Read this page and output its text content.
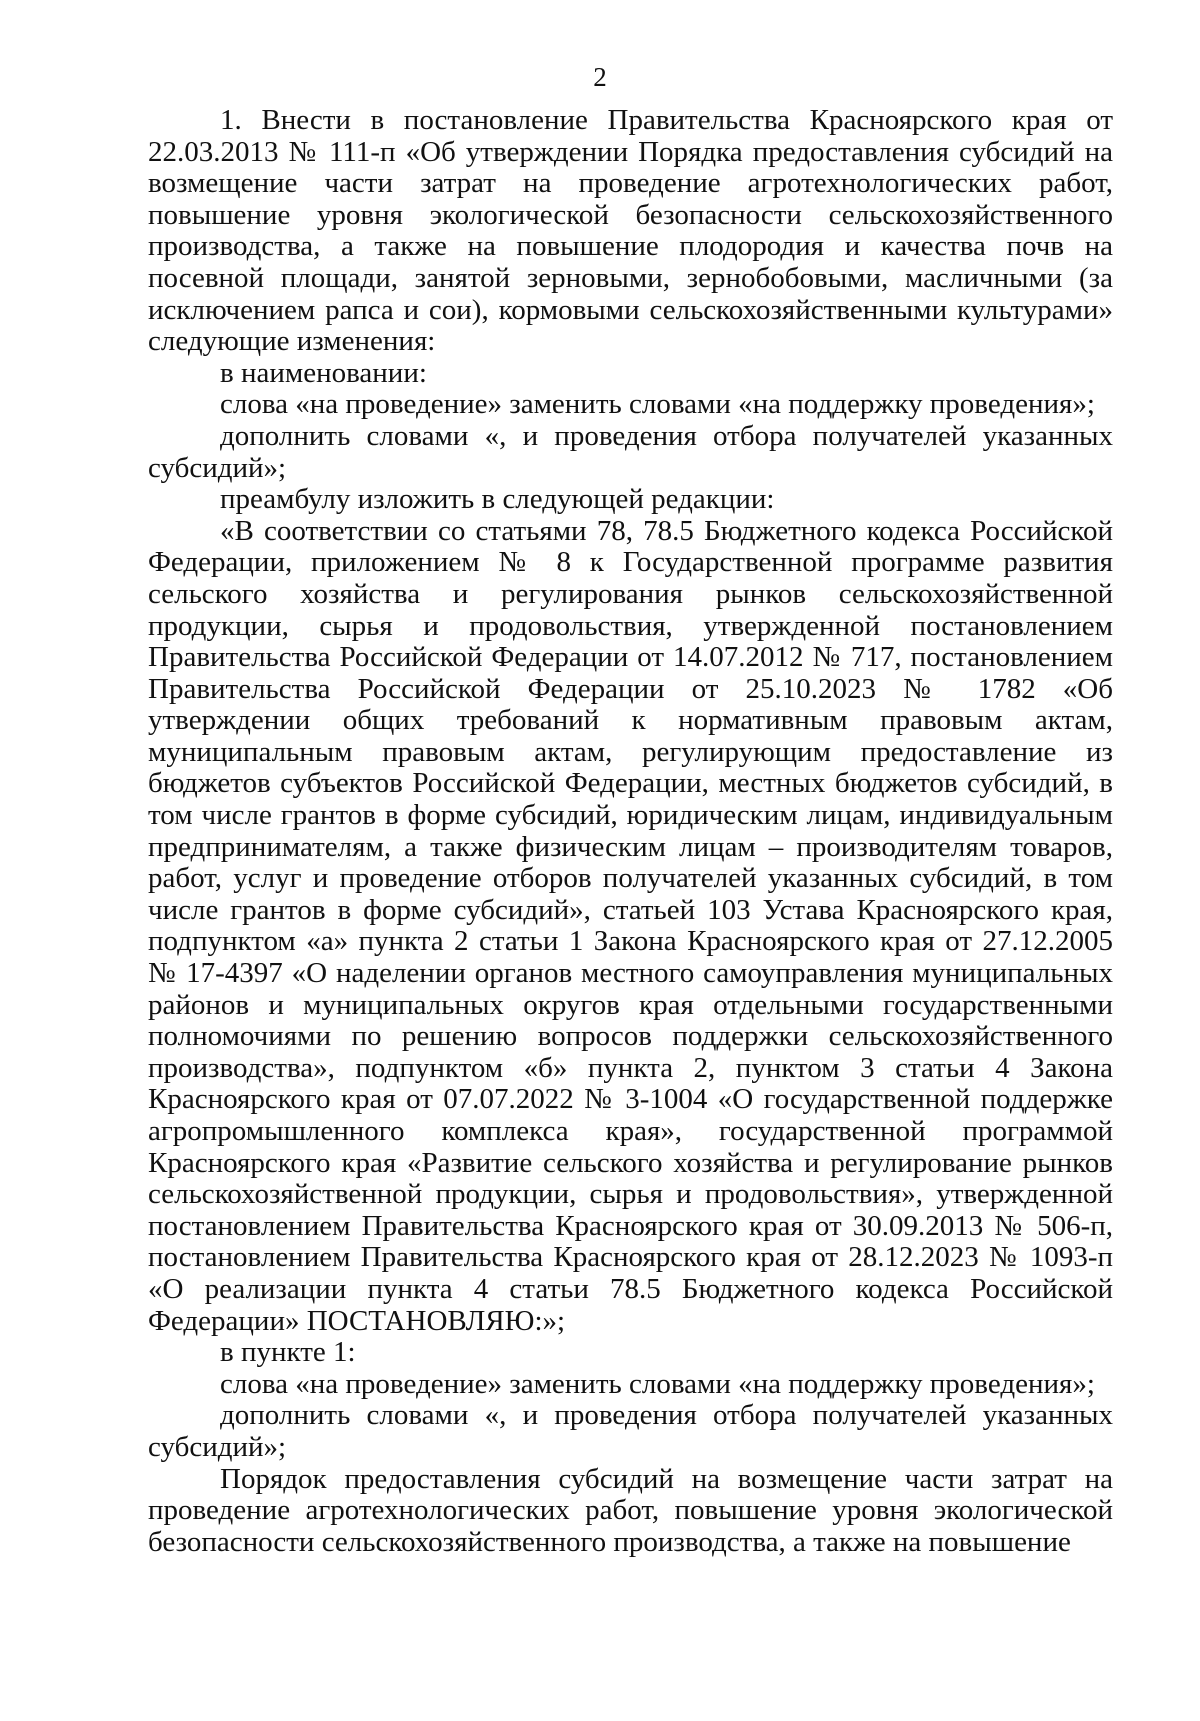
2

1. Внести в постановление Правительства Красноярского края от 22.03.2013 № 111-п «Об утверждении Порядка предоставления субсидий на возмещение части затрат на проведение агротехнологических работ, повышение уровня экологической безопасности сельскохозяйственного производства, а также на повышение плодородия и качества почв на посевной площади, занятой зерновыми, зернобобовыми, масличными (за исключением рапса и сои), кормовыми сельскохозяйственными культурами» следующие изменения:

в наименовании:

слова «на проведение» заменить словами «на поддержку проведения»;

дополнить словами «, и проведения отбора получателей указанных субсидий»;

преамбулу изложить в следующей редакции:

«В соответствии со статьями 78, 78.5 Бюджетного кодекса Российской Федерации, приложением № 8 к Государственной программе развития сельского хозяйства и регулирования рынков сельскохозяйственной продукции, сырья и продовольствия, утвержденной постановлением Правительства Российской Федерации от 14.07.2012 № 717, постановлением Правительства Российской Федерации от 25.10.2023 № 1782 «Об утверждении общих требований к нормативным правовым актам, муниципальным правовым актам, регулирующим предоставление из бюджетов субъектов Российской Федерации, местных бюджетов субсидий, в том числе грантов в форме субсидий, юридическим лицам, индивидуальным предпринимателям, а также физическим лицам – производителям товаров, работ, услуг и проведение отборов получателей указанных субсидий, в том числе грантов в форме субсидий», статьей 103 Устава Красноярского края, подпунктом «а» пункта 2 статьи 1 Закона Красноярского края от 27.12.2005 № 17-4397 «О наделении органов местного самоуправления муниципальных районов и муниципальных округов края отдельными государственными полномочиями по решению вопросов поддержки сельскохозяйственного производства», подпунктом «б» пункта 2, пунктом 3 статьи 4 Закона Красноярского края от 07.07.2022 № 3-1004 «О государственной поддержке агропромышленного комплекса края», государственной программой Красноярского края «Развитие сельского хозяйства и регулирование рынков сельскохозяйственной продукции, сырья и продовольствия», утвержденной постановлением Правительства Красноярского края от 30.09.2013 № 506-п, постановлением Правительства Красноярского края от 28.12.2023 № 1093-п «О реализации пункта 4 статьи 78.5 Бюджетного кодекса Российской Федерации» ПОСТАНОВЛЯЮ:»;

в пункте 1:

слова «на проведение» заменить словами «на поддержку проведения»;

дополнить словами «, и проведения отбора получателей указанных субсидий»;

Порядок предоставления субсидий на возмещение части затрат на проведение агротехнологических работ, повышение уровня экологической безопасности сельскохозяйственного производства, а также на повышение
